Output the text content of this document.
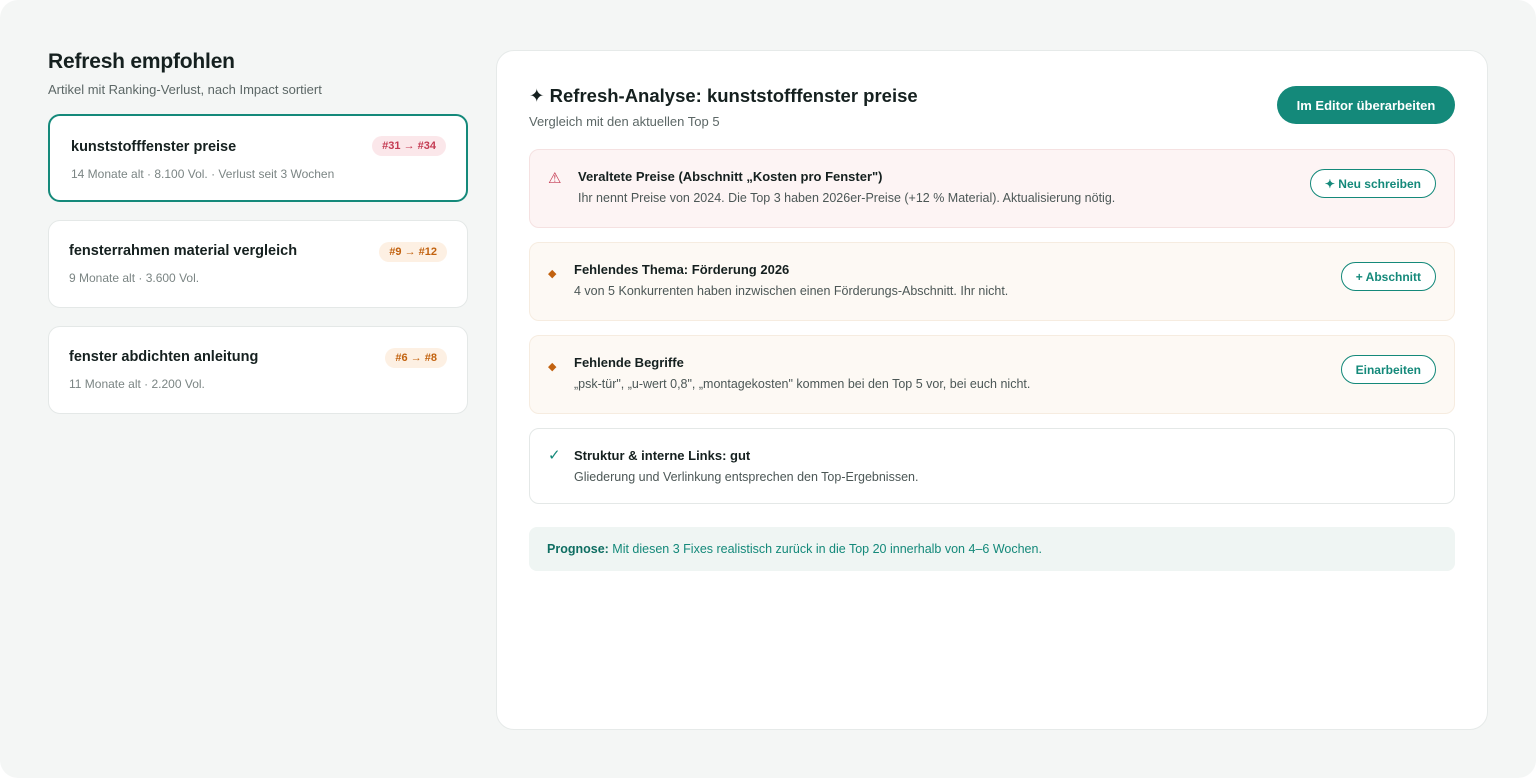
Refresh empfohlen
Artikel mit Ranking-Verlust, nach Impact sortiert
kunststofffenster preise
14 Monate alt · 8.100 Vol. · Verlust seit 3 Wochen
#31 → #34
fensterrahmen material vergleich
9 Monate alt · 3.600 Vol.
#9 → #12
fenster abdichten anleitung
11 Monate alt · 2.200 Vol.
#6 → #8
✦ Refresh-Analyse: kunststofffenster preise
Vergleich mit den aktuellen Top 5
Im Editor überarbeiten
⚠ Veraltete Preise (Abschnitt „Kosten pro Fenster")
Ihr nennt Preise von 2024. Die Top 3 haben 2026er-Preise (+12 % Material). Aktualisierung nötig.
✦ Neu schreiben
◆ Fehlendes Thema: Förderung 2026
4 von 5 Konkurrenten haben inzwischen einen Förderungs-Abschnitt. Ihr nicht.
+ Abschnitt
◆ Fehlende Begriffe
„psk-tür", „u-wert 0,8", „montagekosten" kommen bei den Top 5 vor, bei euch nicht.
Einarbeiten
✓ Struktur & interne Links: gut
Gliederung und Verlinkung entsprechen den Top-Ergebnissen.
Prognose: Mit diesen 3 Fixes realistisch zurück in die Top 20 innerhalb von 4–6 Wochen.
